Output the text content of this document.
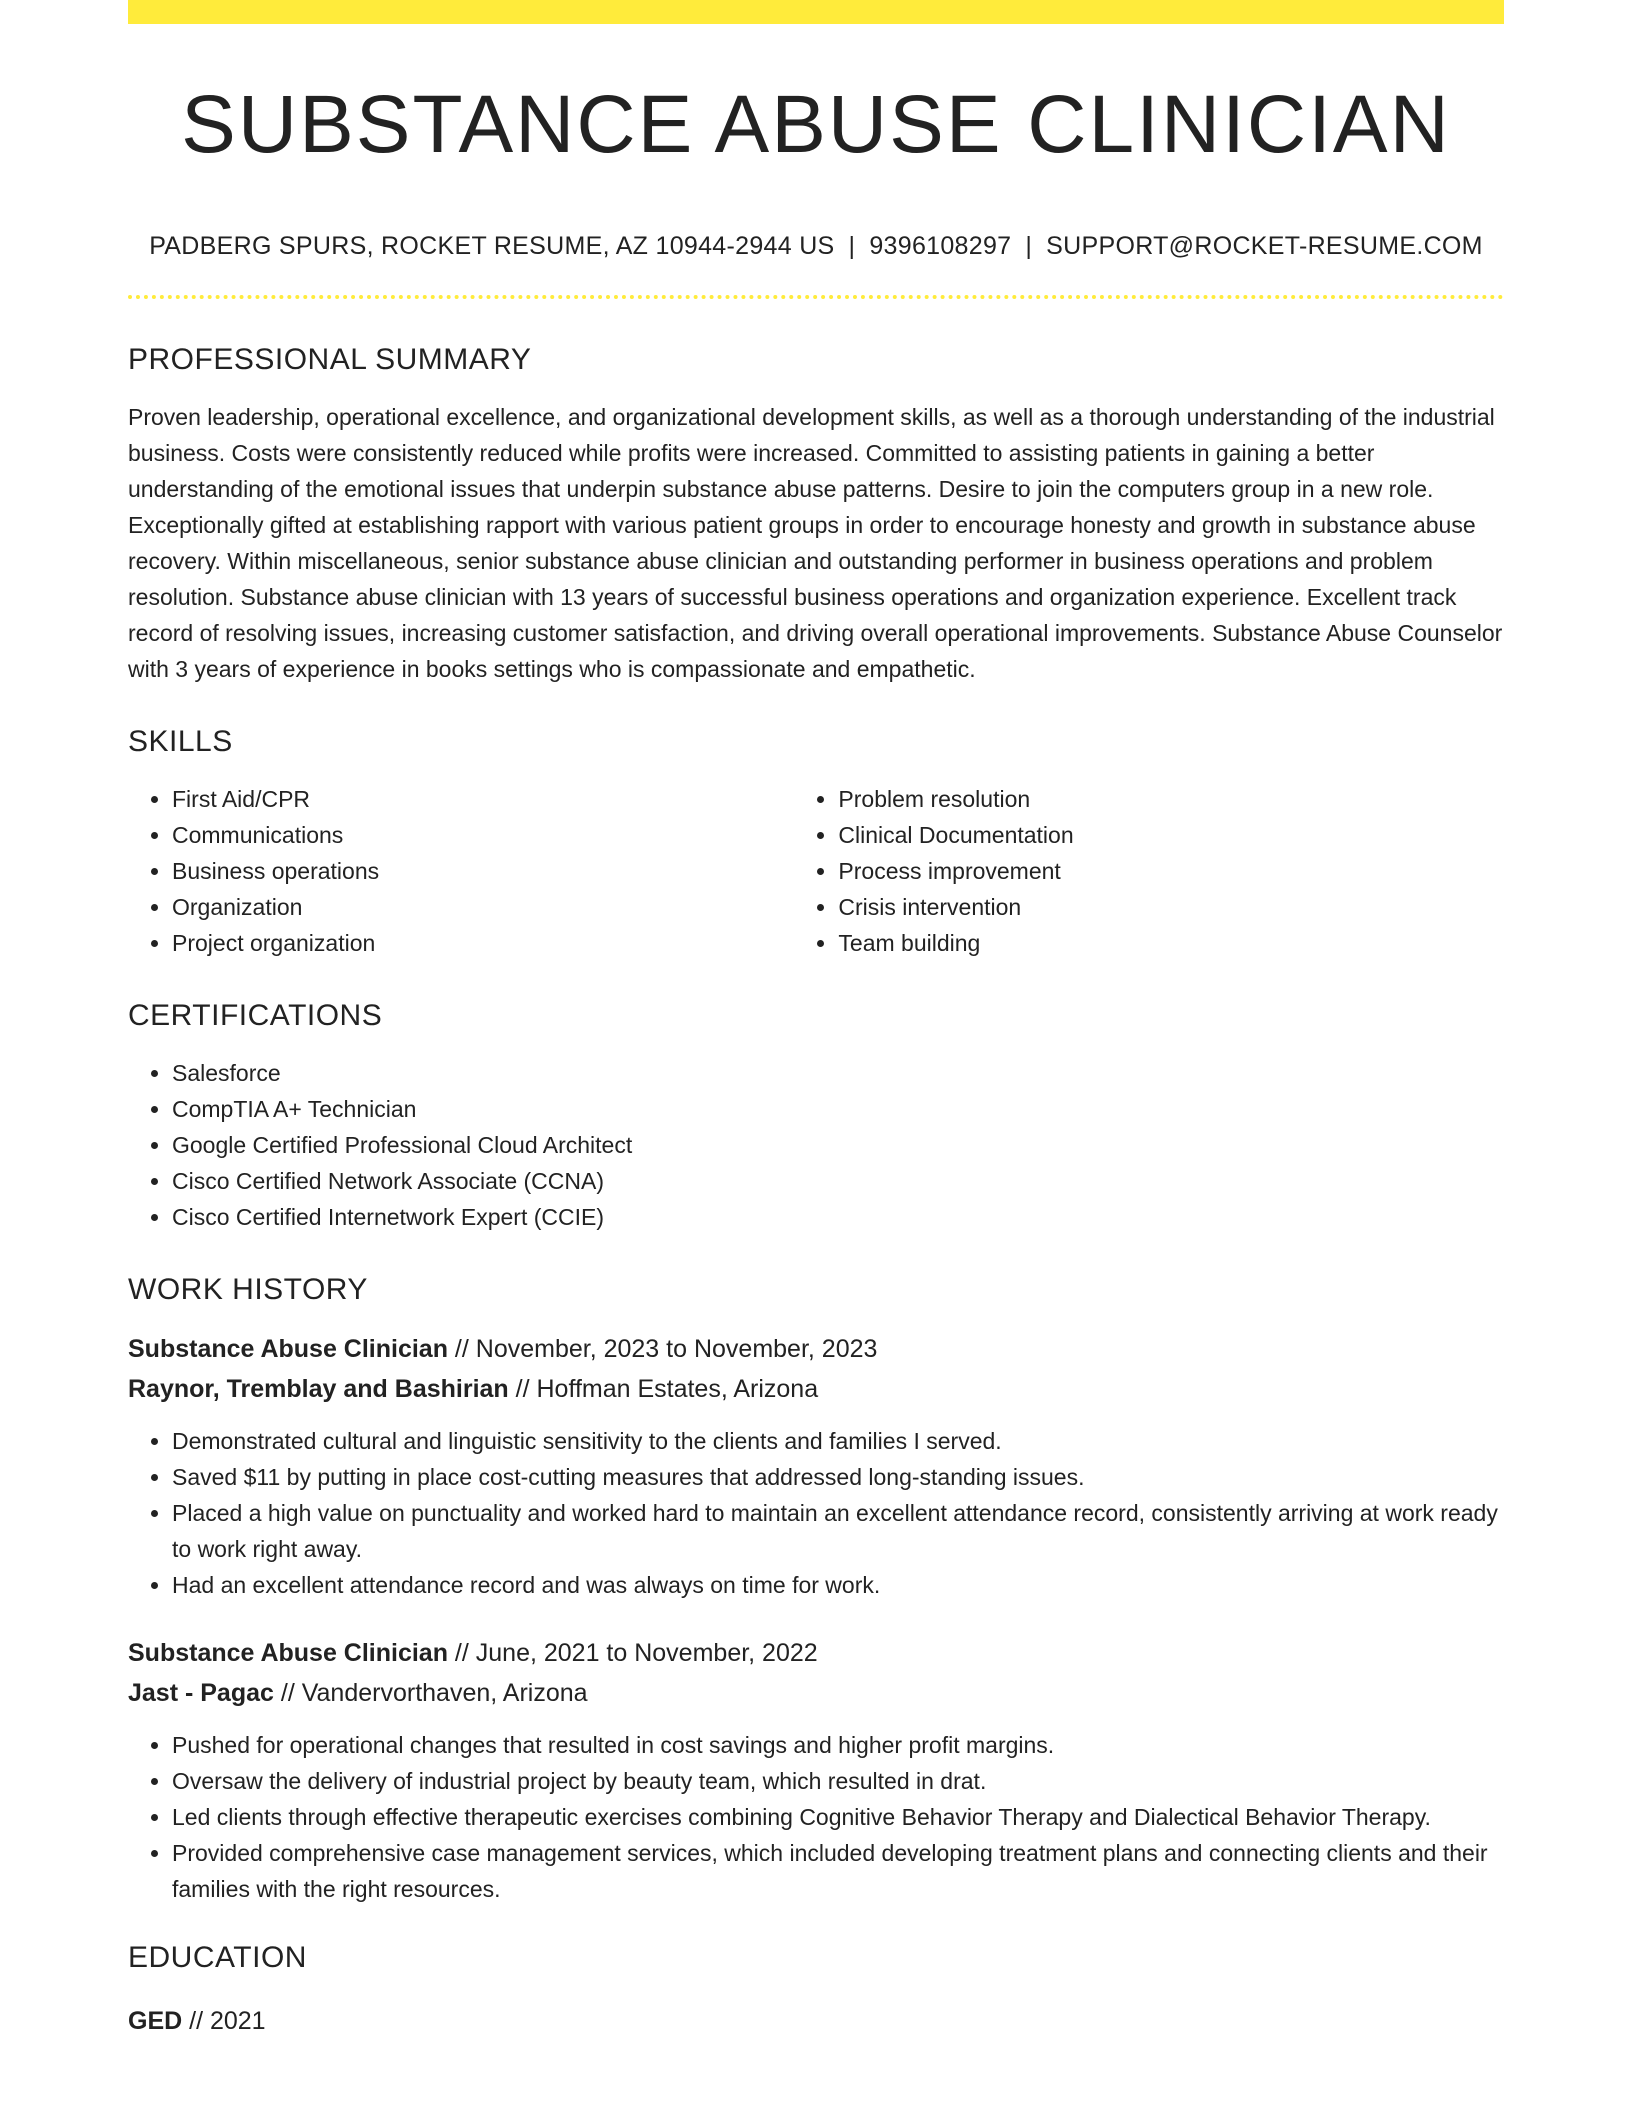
SUBSTANCE ABUSE CLINICIAN
PADBERG SPURS, ROCKET RESUME, AZ 10944-2944 US | 9396108297 | SUPPORT@ROCKET-RESUME.COM
PROFESSIONAL SUMMARY
Proven leadership, operational excellence, and organizational development skills, as well as a thorough understanding of the industrial business. Costs were consistently reduced while profits were increased. Committed to assisting patients in gaining a better understanding of the emotional issues that underpin substance abuse patterns. Desire to join the computers group in a new role. Exceptionally gifted at establishing rapport with various patient groups in order to encourage honesty and growth in substance abuse recovery. Within miscellaneous, senior substance abuse clinician and outstanding performer in business operations and problem resolution. Substance abuse clinician with 13 years of successful business operations and organization experience. Excellent track record of resolving issues, increasing customer satisfaction, and driving overall operational improvements. Substance Abuse Counselor with 3 years of experience in books settings who is compassionate and empathetic.
SKILLS
• First Aid/CPR
• Communications
• Business operations
• Organization
• Project organization
• Problem resolution
• Clinical Documentation
• Process improvement
• Crisis intervention
• Team building
CERTIFICATIONS
• Salesforce
• CompTIA A+ Technician
• Google Certified Professional Cloud Architect
• Cisco Certified Network Associate (CCNA)
• Cisco Certified Internetwork Expert (CCIE)
WORK HISTORY
Substance Abuse Clinician // November, 2023 to November, 2023
Raynor, Tremblay and Bashirian // Hoffman Estates, Arizona
• Demonstrated cultural and linguistic sensitivity to the clients and families I served.
• Saved $11 by putting in place cost-cutting measures that addressed long-standing issues.
• Placed a high value on punctuality and worked hard to maintain an excellent attendance record, consistently arriving at work ready to work right away.
• Had an excellent attendance record and was always on time for work.
Substance Abuse Clinician // June, 2021 to November, 2022
Jast - Pagac // Vandervorthaven, Arizona
• Pushed for operational changes that resulted in cost savings and higher profit margins.
• Oversaw the delivery of industrial project by beauty team, which resulted in drat.
• Led clients through effective therapeutic exercises combining Cognitive Behavior Therapy and Dialectical Behavior Therapy.
• Provided comprehensive case management services, which included developing treatment plans and connecting clients and their families with the right resources.
EDUCATION
GED // 2021
